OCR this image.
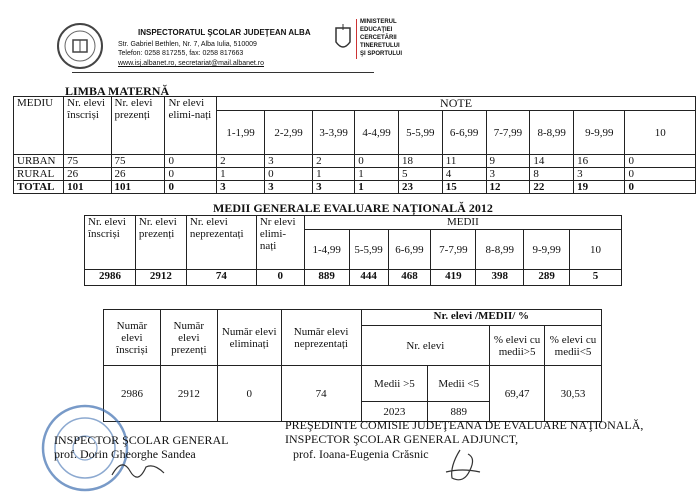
INSPECTORATUL ŞCOLAR JUDEŢEAN ALBA
Str. Gabriel Bethlen, Nr. 7, Alba Iulia, 510009
Telefon: 0258 817255, fax: 0258 817663
www.isj.albanet.ro, secretariat@mail.albanet.ro
MINISTERUL
EDUCAŢIEI
CERCETĂRII
TINERETULUI
ŞI SPORTULUI
LIMBA MATERNĂ
MEDIU	Nr. elevi înscriși	Nr. elevi prezenți	Nr elevi elimi-nați	NOTE									
				1-1,99	2-2,99	3-3,99	4-4,99	5-5,99	6-6,99	7-7,99	8-8,99	9-9,99	10
URBAN	75	75	0	2	3	2	0	18	11	9	14	16	0
RURAL	26	26	0	1	0	1	1	5	4	3	8	3	0
TOTAL	101	101	0	3	3	3	1	23	15	12	22	19	0
MEDII GENERALE EVALUARE NAȚIONALĂ 2012
Nr. elevi înscriși	Nr. elevi prezenți	Nr. elevi neprezentați	Nr elevi elimi-nați	MEDII						
				1-4,99	5-5,99	6-6,99	7-7,99	8-8,99	9-9,99	10
2986	2912	74	0	889	444	468	419	398	289	5
Număr elevi înscriși	Număr elevi prezenți	Număr elevi eliminați	Număr elevi neprezentați	Nr. elevi /MEDII/ %			
				Nr. elevi		% elevi cu medii>5	% elevi cu medii<5

2986	2912	0	74	Medii >5	Medii <5	69,47	30,53
				2023	889		
INSPECTOR ŞCOLAR GENERAL
prof. Dorin Gheorghe Sandea
PREŞEDINTE COMISIE JUDEŢEANA DE EVALUARE NAŢIONALĂ,
INSPECTOR ŞCOLAR GENERAL ADJUNCT,
prof. Ioana-Eugenia Crăsnic
